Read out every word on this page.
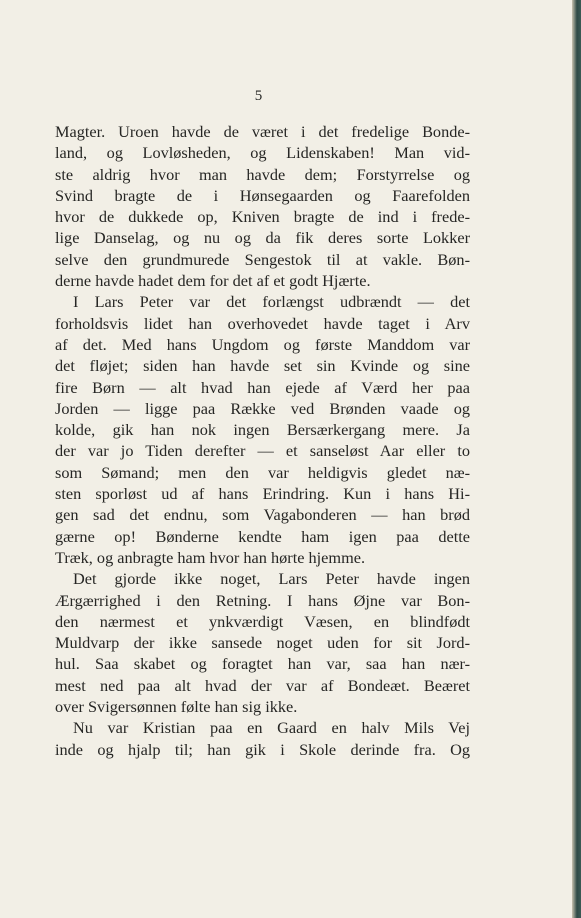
5
Magter. Uroen havde de været i det fredelige Bonde-
land, og Lovløsheden, og Lidenskaben! Man vid-
ste aldrig hvor man havde dem; Forstyrrelse og
Svind bragte de i Hønsegaarden og Faarefolden
hvor de dukkede op, Kniven bragte de ind i frede-
lige Danselag, og nu og da fik deres sorte Lokker
selve den grundmurede Sengestok til at vakle. Bøn-
derne havde hadet dem for det af et godt Hjærte.
I Lars Peter var det forlængst udbrændt — det
forholdsvis lidet han overhovedet havde taget i Arv
af det. Med hans Ungdom og første Manddom var
det fløjet; siden han havde set sin Kvinde og sine
fire Børn — alt hvad han ejede af Værd her paa
Jorden — ligge paa Række ved Brønden vaade og
kolde, gik han nok ingen Bersærkergang mere. Ja
der var jo Tiden derefter — et sanseløst Aar eller to
som Sømand; men den var heldigvis gledet næ-
sten sporløst ud af hans Erindring. Kun i hans Hi-
gen sad det endnu, som Vagabonderen — han brød
gærne op! Bønderne kendte ham igen paa dette
Træk, og anbragte ham hvor han hørte hjemme.
Det gjorde ikke noget, Lars Peter havde ingen
Ærgærrighed i den Retning. I hans Øjne var Bon-
den nærmest et ynkværdigt Væsen, en blindfødt
Muldvarp der ikke sansede noget uden for sit Jord-
hul. Saa skabet og foragtet han var, saa han nær-
mest ned paa alt hvad der var af Bondeæt. Beæret
over Svigersønnen følte han sig ikke.
Nu var Kristian paa en Gaard en halv Mils Vej
inde og hjalp til; han gik i Skole derinde fra. Og
